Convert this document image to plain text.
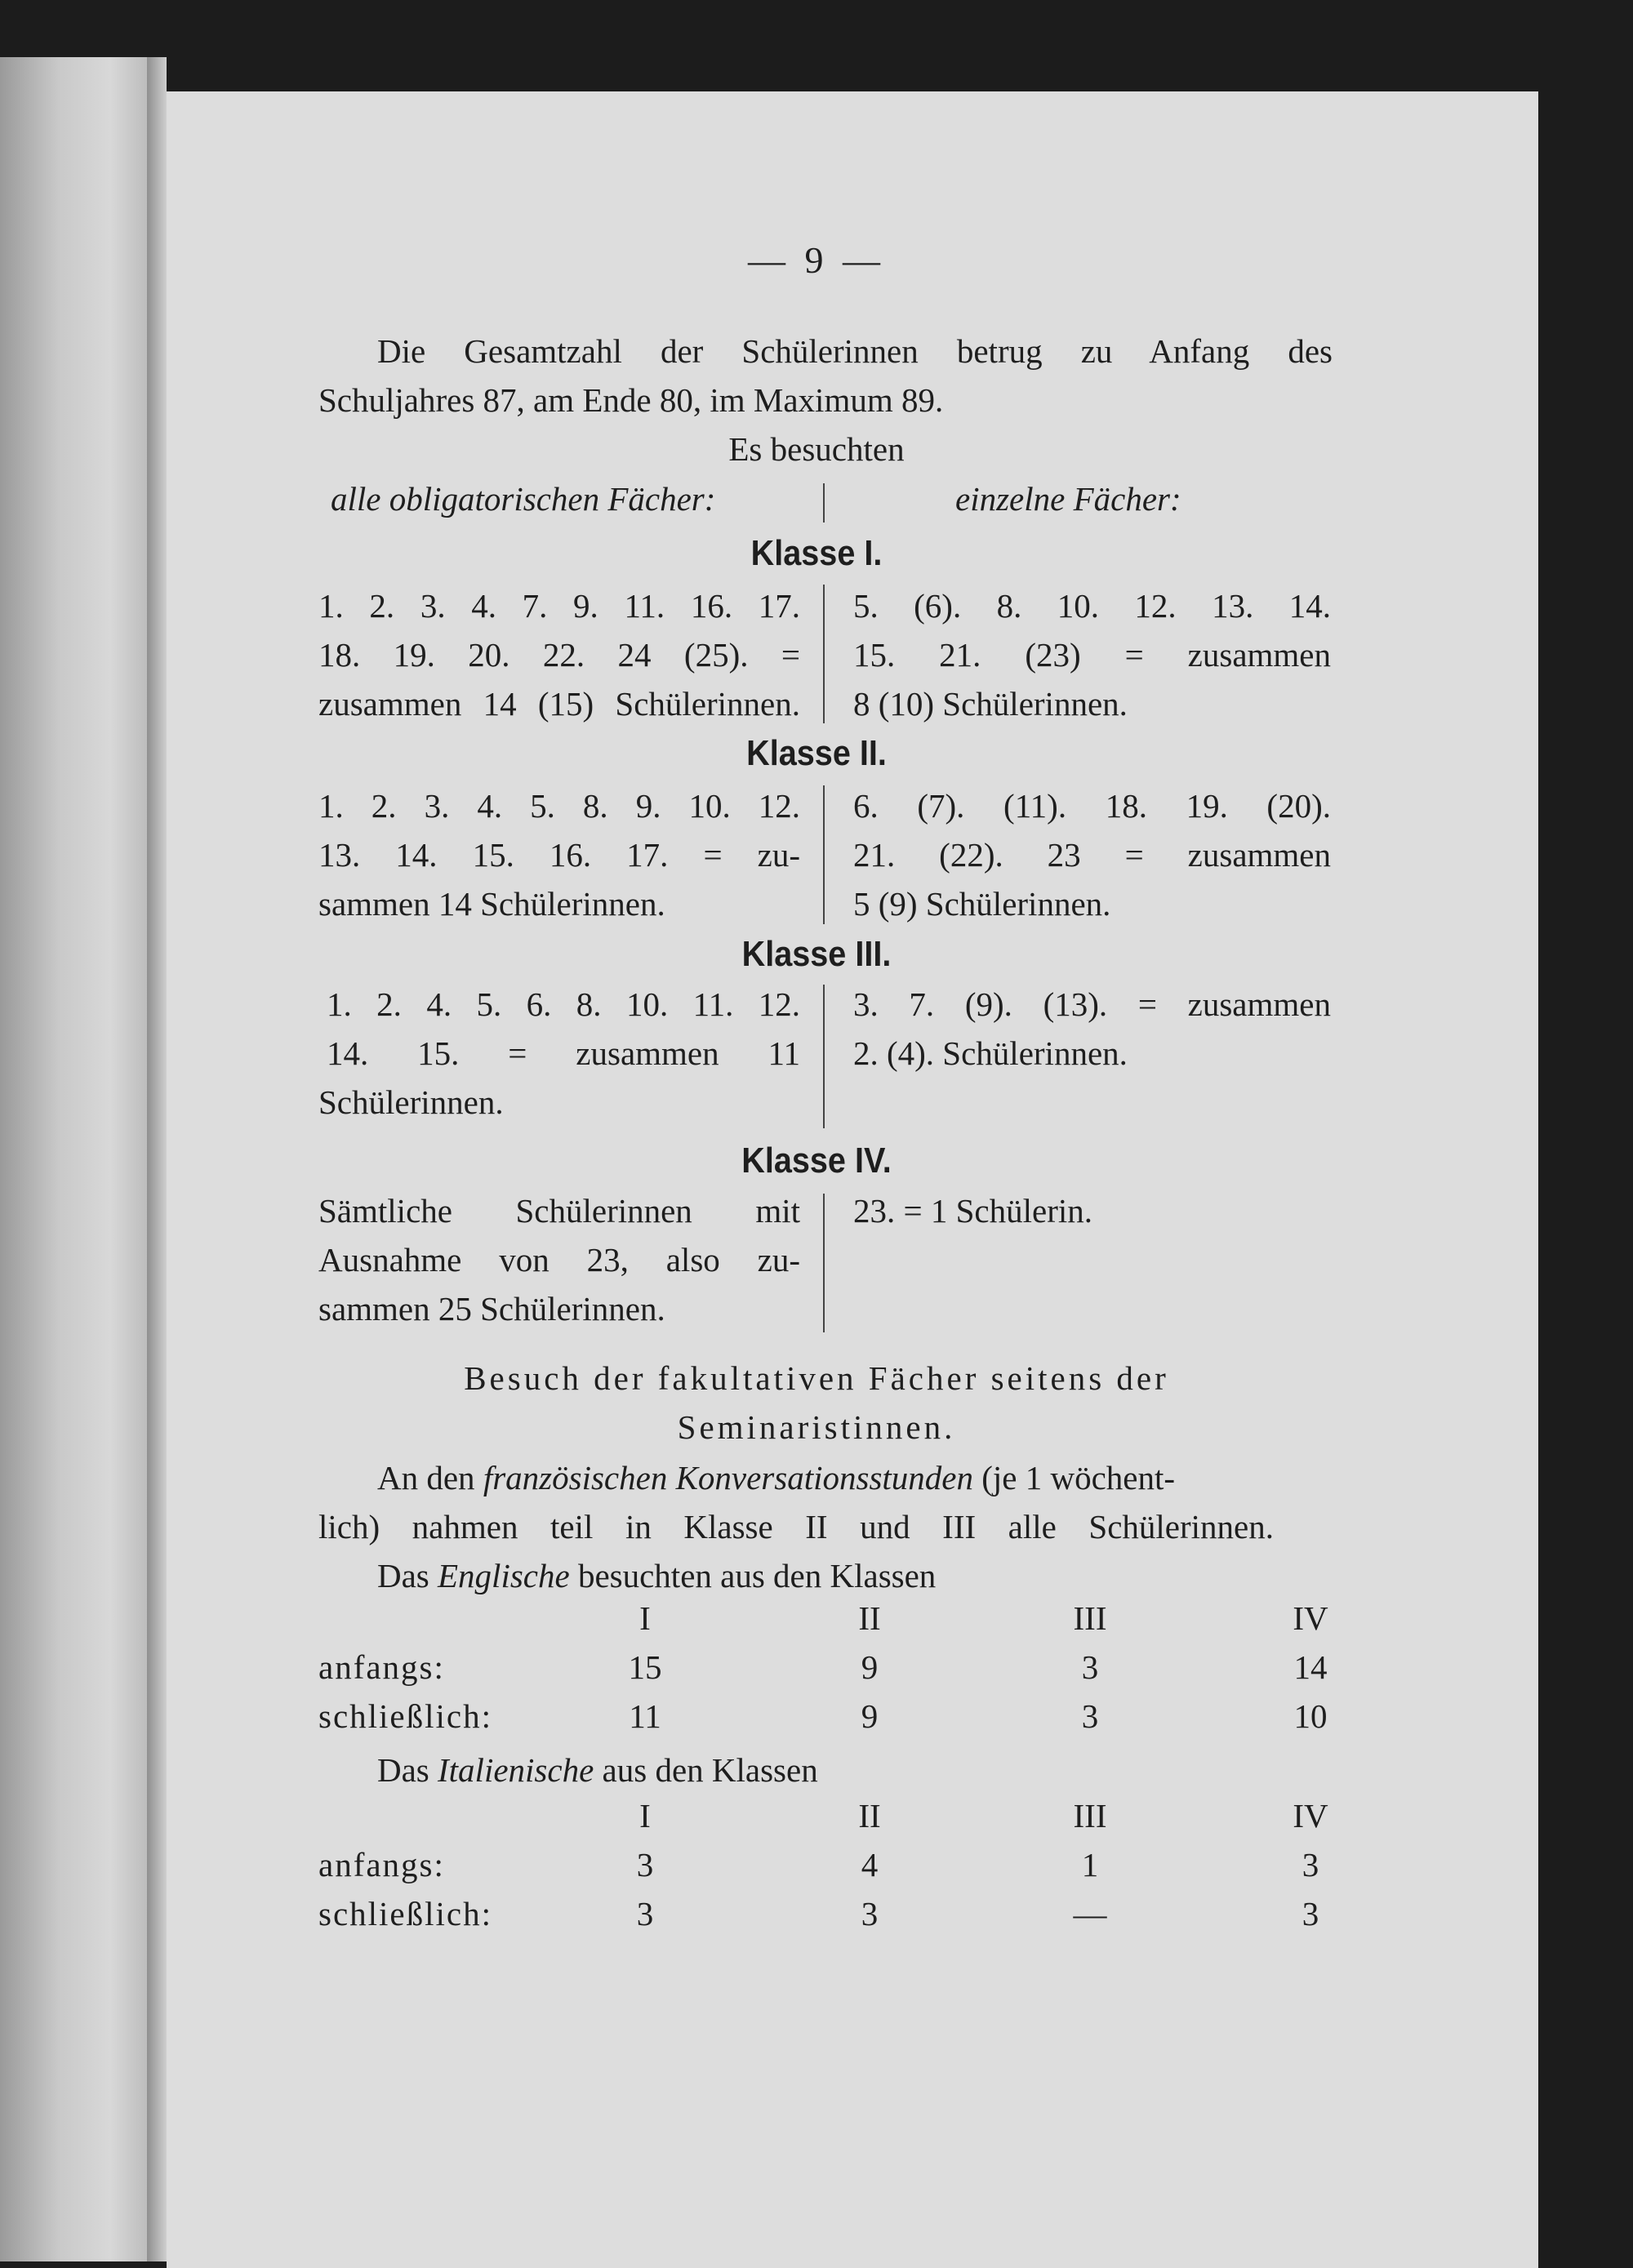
— 9 —
Die Gesamtzahl der Schülerinnen betrug zu Anfang des
Schuljahres 87, am Ende 80, im Maximum 89.
Es besuchten
alle obligatorischen Fächer:	einzelne Fächer:
Klasse I.
1. 2. 3. 4. 7. 9. 11. 16. 17.
18. 19. 20. 22. 24 (25). =
zusammen 14 (15) Schülerinnen.
5. (6). 8. 10. 12. 13. 14.
15. 21. (23) = zusammen
8 (10) Schülerinnen.
Klasse II.
1. 2. 3. 4. 5. 8. 9. 10. 12.
13. 14. 15. 16. 17. = zu-
sammen 14 Schülerinnen.
6. (7). (11). 18. 19. (20).
21. (22). 23 = zusammen
5 (9) Schülerinnen.
Klasse III.
1. 2. 4. 5. 6. 8. 10. 11. 12.
14. 15. = zusammen 11
Schülerinnen.
3. 7. (9). (13). = zusammen
2. (4). Schülerinnen.
Klasse IV.
Sämtliche Schülerinnen mit
Ausnahme von 23, also zu-
sammen 25 Schülerinnen.
23. = 1 Schülerin.
Besuch der fakultativen Fächer seitens der
Seminaristinnen.
An den französischen Konversationsstunden (je 1 wöchent-
lich) nahmen teil in Klasse II und III alle Schülerinnen.
Das Englische besuchten aus den Klassen
I	II	III	IV
anfangs:	15	9	3	14
schließlich:	11	9	3	10
Das Italienische aus den Klassen
I	II	III	IV
anfangs:	3	4	1	3
schließlich:	3	3	—	3
